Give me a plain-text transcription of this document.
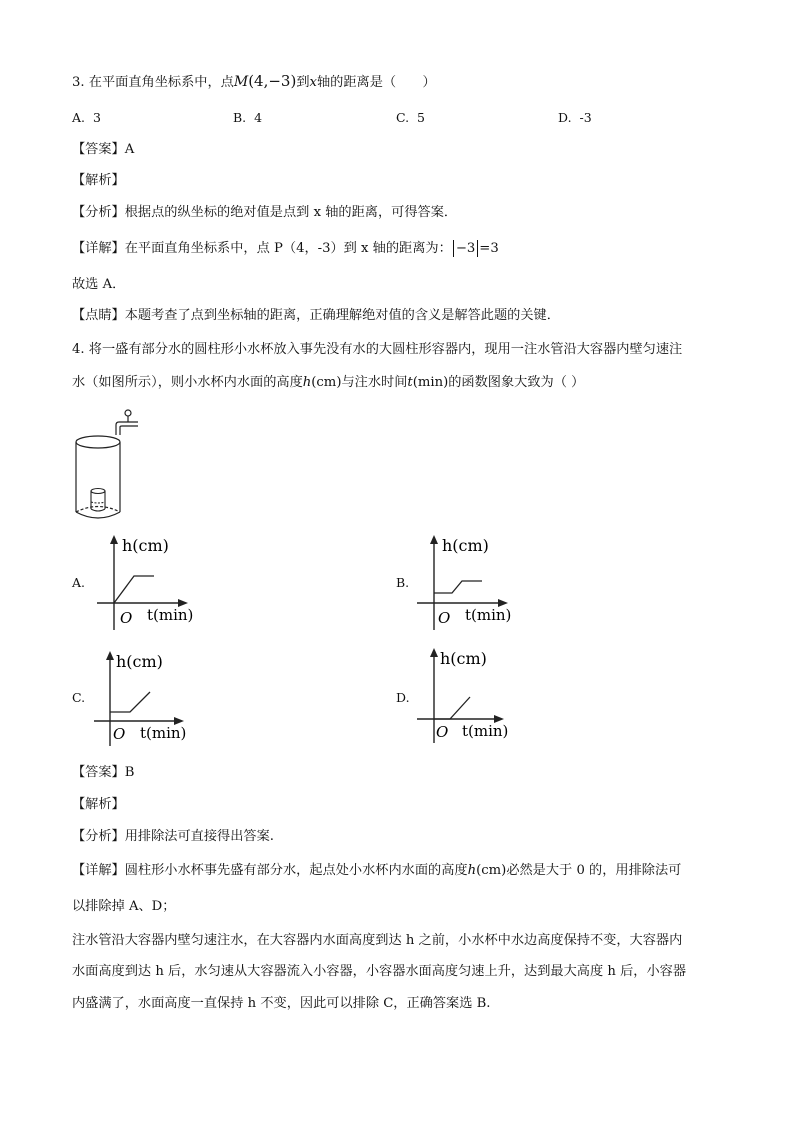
3. 在平面直角坐标系中，点M(4,−3)到x轴的距离是（　　）
A. 3	B. 4	C. 5	D. -3
【答案】A
【解析】
【分析】根据点的纵坐标的绝对值是点到 x 轴的距离，可得答案．
【详解】在平面直角坐标系中，点 P（4，-3）到 x 轴的距离为： −3 =3
故选 A．
【点睛】本题考查了点到坐标轴的距离，正确理解绝对值的含义是解答此题的关键．
4. 将一盛有部分水的圆柱形小水杯放入事先没有水的大圆柱形容器内，现用一注水管沿大容器内壁匀速注
水（如图所示），则小水杯内水面的高度h(cm)与注水时间t(min)的函数图象大致为（ ）
A.
h(cm)
O t(min)
B.
h(cm)
O t(min)
C.
h(cm)
O t(min)
D.
h(cm)
O t(min)
【答案】B
【解析】
【分析】用排除法可直接得出答案.
【详解】圆柱形小水杯事先盛有部分水，起点处小水杯内水面的高度h(cm)必然是大于 0 的，用排除法可
以排除掉 A、D；
注水管沿大容器内壁匀速注水，在大容器内水面高度到达 h 之前，小水杯中水边高度保持不变，大容器内
水面高度到达 h 后，水匀速从大容器流入小容器，小容器水面高度匀速上升，达到最大高度 h 后，小容器
内盛满了，水面高度一直保持 h 不变，因此可以排除 C，正确答案选 B.
